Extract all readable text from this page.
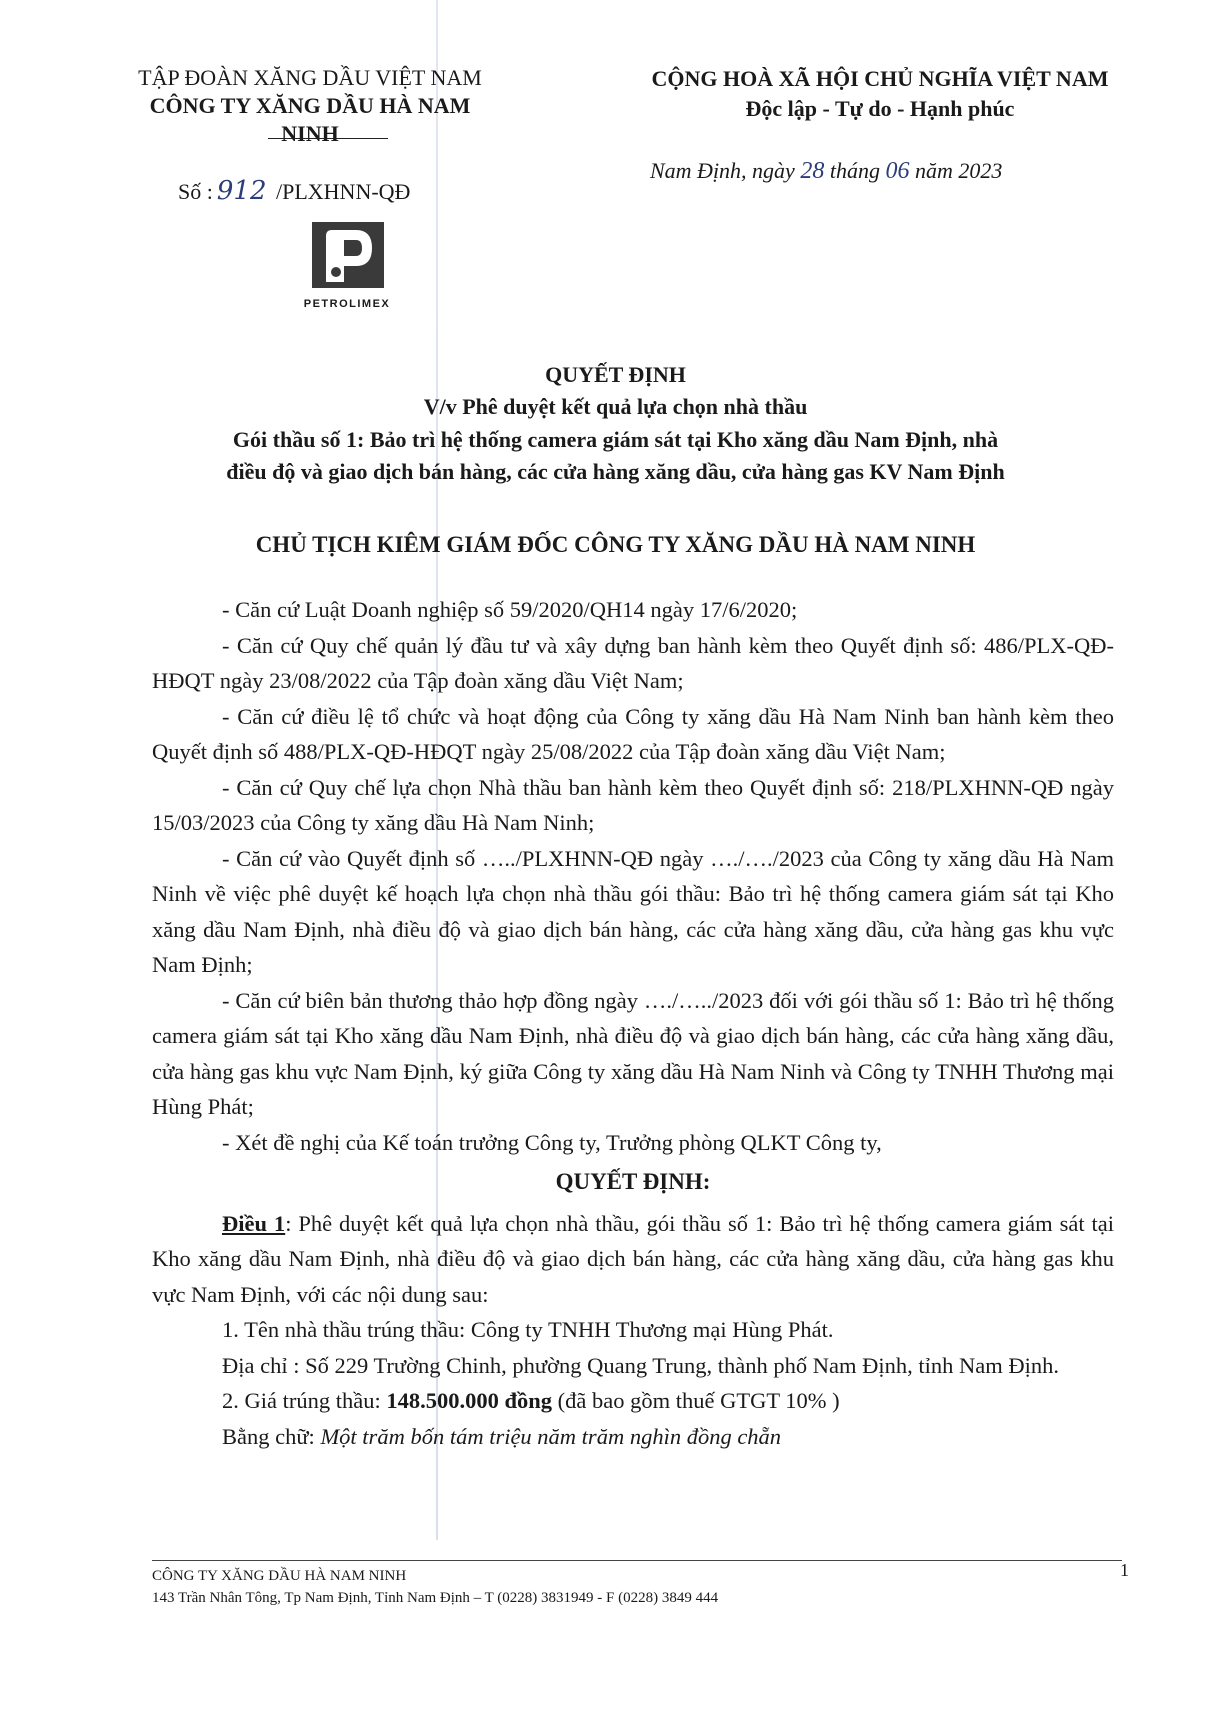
TẬP ĐOÀN XĂNG DẦU VIỆT NAM
CÔNG TY XĂNG DẦU HÀ NAM NINH
CỘNG HOÀ XÃ HỘI CHỦ NGHĨA VIỆT NAM
Độc lập - Tự do - Hạnh phúc
Số : 912 /PLXHNN-QĐ
Nam Định, ngày 28 tháng 06 năm 2023
PETROLIMEX
QUYẾT ĐỊNH
V/v Phê duyệt kết quả lựa chọn nhà thầu
Gói thầu số 1: Bảo trì hệ thống camera giám sát tại Kho xăng dầu Nam Định, nhà
điều độ và giao dịch bán hàng, các cửa hàng xăng dầu, cửa hàng gas KV Nam Định
CHỦ TỊCH KIÊM GIÁM ĐỐC CÔNG TY XĂNG DẦU HÀ NAM NINH

- Căn cứ Luật Doanh nghiệp số 59/2020/QH14 ngày 17/6/2020;

- Căn cứ Quy chế quản lý đầu tư và xây dựng ban hành kèm theo Quyết định số: 486/PLX-QĐ-HĐQT ngày 23/08/2022 của Tập đoàn xăng dầu Việt Nam;

- Căn cứ điều lệ tổ chức và hoạt động của Công ty xăng dầu Hà Nam Ninh ban hành kèm theo Quyết định số 488/PLX-QĐ-HĐQT ngày 25/08/2022 của Tập đoàn xăng dầu Việt Nam;

- Căn cứ Quy chế lựa chọn Nhà thầu ban hành kèm theo Quyết định số: 218/PLXHNN-QĐ ngày 15/03/2023 của Công ty xăng dầu Hà Nam Ninh;

- Căn cứ vào Quyết định số …../PLXHNN-QĐ ngày …./…./2023 của Công ty xăng dầu Hà Nam Ninh về việc phê duyệt kế hoạch lựa chọn nhà thầu gói thầu: Bảo trì hệ thống camera giám sát tại Kho xăng dầu Nam Định, nhà điều độ và giao dịch bán hàng, các cửa hàng xăng dầu, cửa hàng gas khu vực Nam Định;

- Căn cứ biên bản thương thảo hợp đồng ngày …./…../2023 đối với gói thầu số 1: Bảo trì hệ thống camera giám sát tại Kho xăng dầu Nam Định, nhà điều độ và giao dịch bán hàng, các cửa hàng xăng dầu, cửa hàng gas khu vực Nam Định, ký giữa Công ty xăng dầu Hà Nam Ninh và Công ty TNHH Thương mại Hùng Phát;

- Xét đề nghị của Kế toán trưởng Công ty, Trưởng phòng QLKT Công ty,

QUYẾT ĐỊNH:

Điều 1: Phê duyệt kết quả lựa chọn nhà thầu, gói thầu số 1: Bảo trì hệ thống camera giám sát tại Kho xăng dầu Nam Định, nhà điều độ và giao dịch bán hàng, các cửa hàng xăng dầu, cửa hàng gas khu vực Nam Định, với các nội dung sau:

1. Tên nhà thầu trúng thầu: Công ty TNHH Thương mại Hùng Phát.

Địa chỉ : Số 229 Trường Chinh, phường Quang Trung, thành phố Nam Định, tỉnh Nam Định.

2. Giá trúng thầu: 148.500.000 đồng (đã bao gồm thuế GTGT 10% )

Bằng chữ: Một trăm bốn tám triệu năm trăm nghìn đồng chẵn

CÔNG TY XĂNG DẦU HÀ NAM NINH
143 Trần Nhân Tông, Tp Nam Định, Tỉnh Nam Định – T (0228) 3831949 - F (0228) 3849 444
1
